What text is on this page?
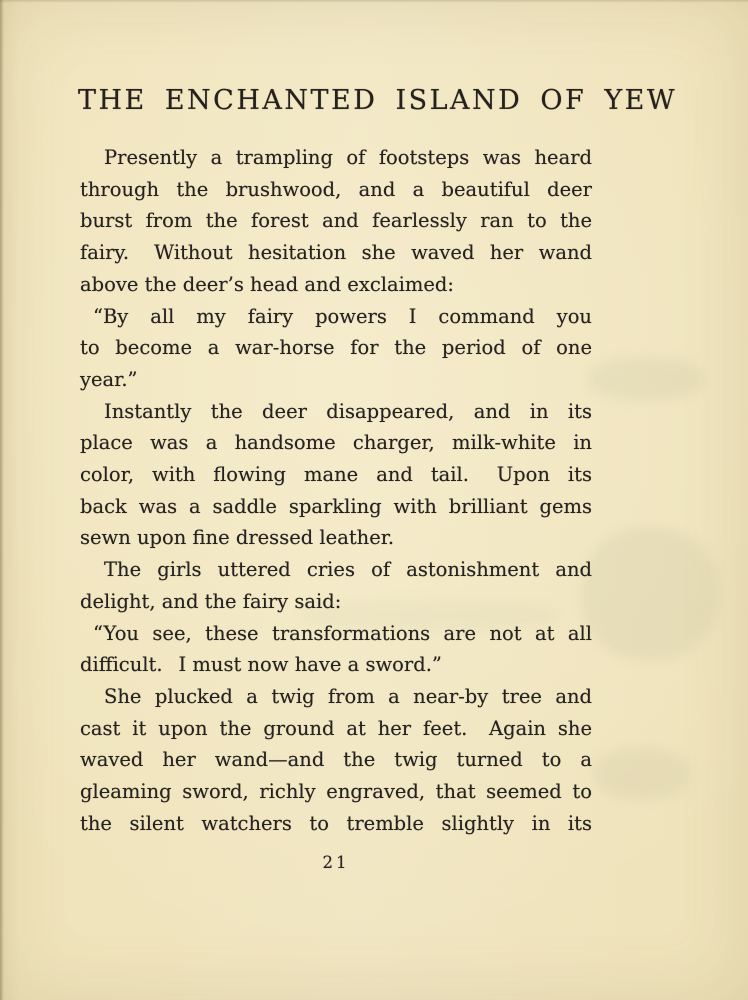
THE ENCHANTED ISLAND OF YEW
Presently a trampling of footsteps was heard
through the brushwood, and a beautiful deer
burst from the forest and fearlessly ran to the
fairy.  Without hesitation she waved her wand
above the deer’s head and exclaimed:
“By all my fairy powers I command you
to become a war-horse for the period of one
year.”
Instantly the deer disappeared, and in its
place was a handsome charger, milk-white in
color, with flowing mane and tail.  Upon its
back was a saddle sparkling with brilliant gems
sewn upon fine dressed leather.
The girls uttered cries of astonishment and
delight, and the fairy said:
“You see, these transformations are not at all
difficult.  I must now have a sword.”
She plucked a twig from a near-by tree and
cast it upon the ground at her feet.  Again she
waved her wand—and the twig turned to a
gleaming sword, richly engraved, that seemed to
the silent watchers to tremble slightly in its
21
